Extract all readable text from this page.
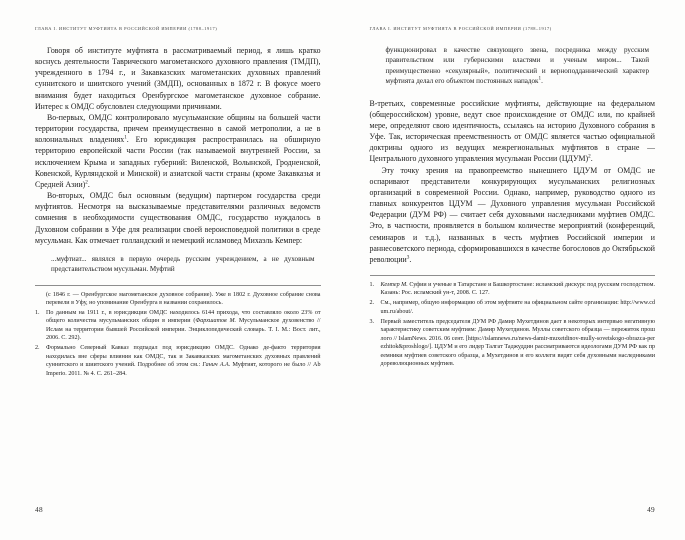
ГЛАВА I. ИНСТИТУТ МУФТИЯТА В РОССИЙСКОЙ ИМПЕРИИ (1788–1917)

Говоря об институте муфтията в рассматриваемый период, я лишь кратко коснусь деятельности Таврического магометанского духовного правления (ТМДП), учрежденного в 1794 г., и Закавказских магометанских духовных правлений суннитского и шиитского учений (ЗМДП), основанных в 1872 г. В фокусе моего внимания будет находиться Оренбургское магометанское духовное собрание. Интерес к ОМДС обусловлен следующими причинами.

Во-первых, ОМДС контролировало мусульманские общины на большей части территории государства, причем преимущественно в самой метрополии, а не в колониальных владениях$^1$. Его юрисдикция распространилась на обширную территорию европейской части России (так называемой внутренней России, за исключением Крыма и западных губерний: Виленской, Волынской, Гродненской, Ковенской, Курляндской и Минской) и азиатской части страны (кроме Закавказья и Средней Азии)$^2$.

Во-вторых, ОМДС был основным (ведущим) партнером государства среди муфтиятов. Несмотря на высказываемые представителями различных ведомств сомнения в необходимости существования ОМДС, государство нуждалось в Духовном собрании в Уфе для реализации своей вероисповедной политики в среде мусульман. Как отмечает голландский и немецкий исламовед Михаэль Кемпер:

...муфтиат... являлся в первую очередь русским учреждением, а не духовным представительством мусульман. Муфтий

(с 1846 г. — Оренбургское магометанское духовное собрание). Уже в 1802 г. Духовное собрание снова перевели в Уфу, но упоминание Оренбурга в названии сохранилось.

1.	По данным на 1911 г., в юрисдикции ОМДС находилось 6144 прихода, что составляло около 23% от общего количества мусульманских общин в империи (Фархшатов М. Мусульманское духовенство // Ислам на территории бывшей Российской империи. Энциклопедический словарь. Т. I. М.: Вост. лит., 2006. С. 292).
2.	Формально Северный Кавказ подпадал под юрисдикцию ОМДС. Однако де-факто территория находилась вне сферы влияния как ОМДС, так и Закавказских магометанских духовных правлений суннитского и шиитского учений. Подробнее об этом см.: Ганич А.А. Муфтият, которого не было // Ab Imperio. 2011. № 4. С. 261–284.
48
ГЛАВА I. ИНСТИТУТ МУФТИЯТА В РОССИЙСКОЙ ИМПЕРИИ (1788–1917)

функционировал в качестве связующего звена, посредника между русским правительством или губернскими властями и ученым миром... Такой преимущественно «секулярный», политический и верноподданнический характер муфтията делал его объектом постоянных нападок$^1$.

В-третьих, современные российские муфтияты, действующие на федеральном (общероссийском) уровне, ведут свое происхождение от ОМДС или, по крайней мере, определяют свою идентичность, ссылаясь на историю Духовного собрания в Уфе. Так, историческая преемственность от ОМДС является частью официальной доктрины одного из ведущих межрегиональных муфтиятов в стране — Центрального духовного управления мусульман России (ЦДУМ)$^2$.

Эту точку зрения на правопреемство нынешнего ЦДУМ от ОМДС не оспаривают представители конкурирующих мусульманских религиозных организаций в современной России. Однако, например, руководство одного из главных конкурентов ЦДУМ — Духовного управления мусульман Российской Федерации (ДУМ РФ) — считает себя духовными наследниками муфтиев ОМДС. Это, в частности, проявляется в большом количестве мероприятий (конференций, семинаров и т.д.), названных в честь муфтиев Российской империи и раннесоветского периода, сформировавшихся в качестве богословов до Октябрьской революции$^3$.

1.	Кемпер М. Суфии и ученые в Татарстане и Башкортостане: исламский дискурс под русским господством. Казань: Рос. исламский ун-т, 2008. С. 127.
2.	См., например, общую информацию об этом муфтияте на официальном сайте организации: http://www.cdum.ru/about/.
3.	Первый заместитель председателя ДУМ РФ Дамир Мухетдинов дает в некоторых интервью негативную характеристику советским муфтиям: Дамир Мухетдинов. Муллы советского образца — пережиток прошлого // IslamNews. 2016. 06 сент. [https://islamnews.ru/news-damir-muxetdinov-mully-sovetskogo-obrazca-perezhitok&proshlogo/]. ЦДУМ и его лидер Талгат Таджуддин рассматриваются идеологами ДУМ РФ как преемники муфтиев советского образца, а Мухетдинов и его коллеги видят себя духовными наследниками дореволюционных муфтиев.
49
